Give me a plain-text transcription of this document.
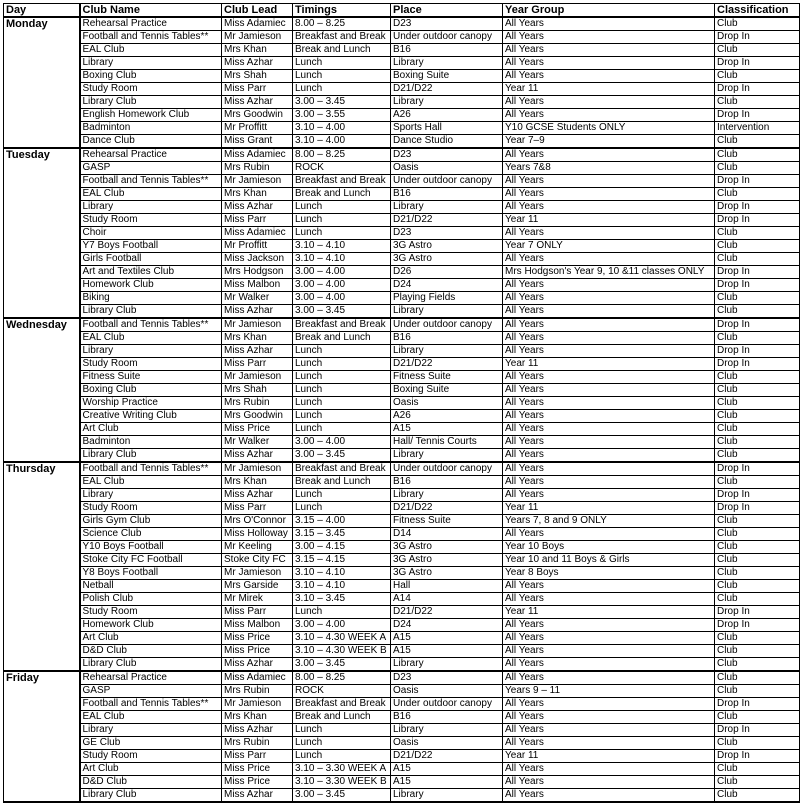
Day	Club Name	Club Lead	Timings	Place	Year Group	Classification
Monday	Rehearsal Practice	Miss Adamiec	8.00 – 8.25	D23	All Years	Club
	Football and Tennis Tables**	Mr Jamieson	Breakfast and Break	Under outdoor canopy	All Years	Drop In
	EAL Club	Mrs Khan	Break and Lunch	B16	All Years	Club
	Library	Miss Azhar	Lunch	Library	All Years	Drop In
	Boxing Club	Mrs Shah	Lunch	Boxing Suite	All Years	Club
	Study Room	Miss Parr	Lunch	D21/D22	Year 11	Drop In
	Library Club	Miss Azhar	3.00 – 3.45	Library	All Years	Club
	English Homework Club	Mrs Goodwin	3.00 – 3.55	A26	All Years	Drop In
	Badminton	Mr Proffitt	3.10 – 4.00	Sports Hall	Y10 GCSE Students ONLY	Intervention
	Dance Club	Miss Grant	3.10 – 4.00	Dance Studio	Year 7–9	Club
Tuesday	Rehearsal Practice	Miss Adamiec	8.00 – 8.25	D23	All Years	Club
	GASP	Mrs Rubin	ROCK	Oasis	Years 7&8	Club
	Football and Tennis Tables**	Mr Jamieson	Breakfast and Break	Under outdoor canopy	All Years	Drop In
	EAL Club	Mrs Khan	Break and Lunch	B16	All Years	Club
	Library	Miss Azhar	Lunch	Library	All Years	Drop In
	Study Room	Miss Parr	Lunch	D21/D22	Year 11	Drop In
	Choir	Miss Adamiec	Lunch	D23	All Years	Club
	Y7 Boys Football	Mr Proffitt	3.10 – 4.10	3G Astro	Year 7 ONLY	Club
	Girls Football	Miss Jackson	3.10 – 4.10	3G Astro	All Years	Club
	Art and Textiles Club	Mrs Hodgson	3.00 – 4.00	D26	Mrs Hodgson's Year 9, 10 &11 classes ONLY	Drop In
	Homework Club	Miss Malbon	3.00 – 4.00	D24	All Years	Drop In
	Biking	Mr Walker	3.00 – 4.00	Playing Fields	All Years	Club
	Library Club	Miss Azhar	3.00 – 3.45	Library	All Years	Club
Wednesday	Football and Tennis Tables**	Mr Jamieson	Breakfast and Break	Under outdoor canopy	All Years	Drop In
	EAL Club	Mrs Khan	Break and Lunch	B16	All Years	Club
	Library	Miss Azhar	Lunch	Library	All Years	Drop In
	Study Room	Miss Parr	Lunch	D21/D22	Year 11	Drop In
	Fitness Suite	Mr Jamieson	Lunch	Fitness Suite	All Years	Club
	Boxing Club	Mrs Shah	Lunch	Boxing Suite	All Years	Club
	Worship Practice	Mrs Rubin	Lunch	Oasis	All Years	Club
	Creative Writing Club	Mrs Goodwin	Lunch	A26	All Years	Club
	Art Club	Miss Price	Lunch	A15	All Years	Club
	Badminton	Mr Walker	3.00 – 4.00	Hall/ Tennis Courts	All Years	Club
	Library Club	Miss Azhar	3.00 – 3.45	Library	All Years	Club
Thursday	Football and Tennis Tables**	Mr Jamieson	Breakfast and Break	Under outdoor canopy	All Years	Drop In
	EAL Club	Mrs Khan	Break and Lunch	B16	All Years	Club
	Library	Miss Azhar	Lunch	Library	All Years	Drop In
	Study Room	Miss Parr	Lunch	D21/D22	Year 11	Drop In
	Girls Gym Club	Mrs O'Connor	3.15 – 4.00	Fitness Suite	Years 7, 8 and 9 ONLY	Club
	Science Club	Miss Holloway	3.15 – 3.45	D14	All Years	Club
	Y10 Boys Football	Mr Keeling	3.00 – 4.15	3G Astro	Year 10 Boys	Club
	Stoke City FC Football	Stoke City FC	3.15 – 4.15	3G Astro	Year 10 and 11 Boys & Girls	Club
	Y8 Boys Football	Mr Jamieson	3.10 – 4.10	3G Astro	Year 8 Boys	Club
	Netball	Mrs Garside	3.10 – 4.10	Hall	All Years	Club
	Polish Club	Mr Mirek	3.10 – 3.45	A14	All Years	Club
	Study Room	Miss Parr	Lunch	D21/D22	Year 11	Drop In
	Homework Club	Miss Malbon	3.00 – 4.00	D24	All Years	Drop In
	Art Club	Miss Price	3.10 – 4.30 WEEK A	A15	All Years	Club
	D&D Club	Miss Price	3.10 – 4.30 WEEK B	A15	All Years	Club
	Library Club	Miss Azhar	3.00 – 3.45	Library	All Years	Club
Friday	Rehearsal Practice	Miss Adamiec	8.00 – 8.25	D23	All Years	Club
	GASP	Mrs Rubin	ROCK	Oasis	Years 9 – 11	Club
	Football and Tennis Tables**	Mr Jamieson	Breakfast and Break	Under outdoor canopy	All Years	Drop In
	EAL Club	Mrs Khan	Break and Lunch	B16	All Years	Club
	Library	Miss Azhar	Lunch	Library	All Years	Drop In
	GE Club	Mrs Rubin	Lunch	Oasis	All Years	Club
	Study Room	Miss Parr	Lunch	D21/D22	Year 11	Drop In
	Art Club	Miss Price	3.10 – 3.30 WEEK A	A15	All Years	Club
	D&D Club	Miss Price	3.10 – 3.30 WEEK B	A15	All Years	Club
	Library Club	Miss Azhar	3.00 – 3.45	Library	All Years	Club
